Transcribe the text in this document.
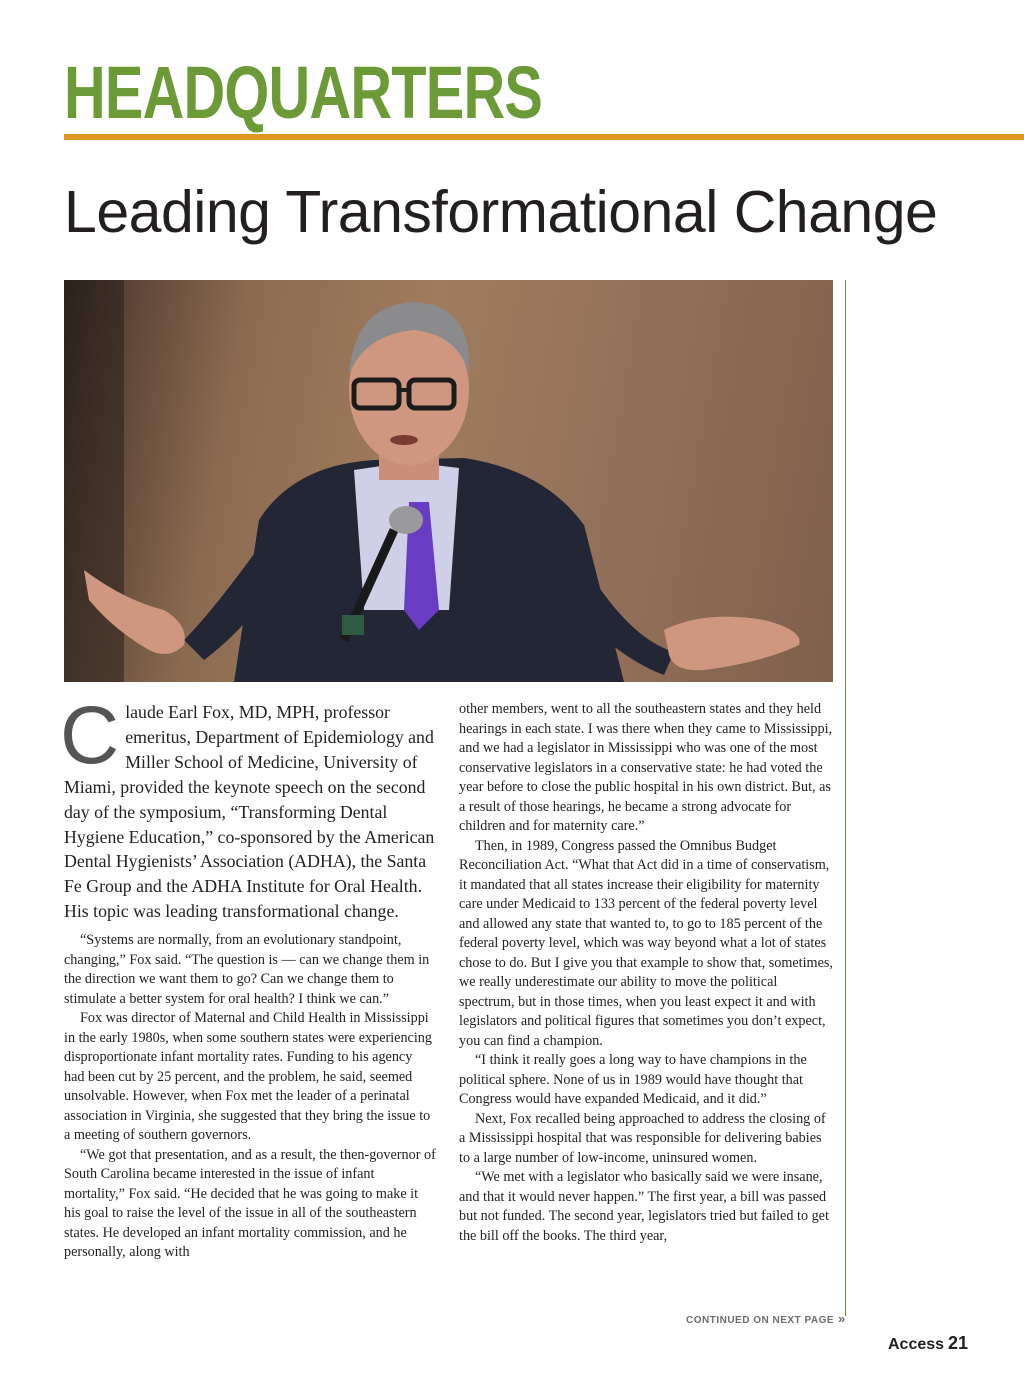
HEADQUARTERS
Leading Transformational Change

Claude Earl Fox, MD, MPH, professor emeritus, Department of Epidemiology and Miller School of Medicine, University of Miami, provided the keynote speech on the second day of the symposium, “Transforming Dental Hygiene Education,” co-sponsored by the American Dental Hygienists’ Association (ADHA), the Santa Fe Group and the ADHA Institute for Oral Health. His topic was leading transformational change.

“Systems are normally, from an evolutionary standpoint, changing,” Fox said. “The question is — can we change them in the direction we want them to go? Can we change them to stimulate a better system for oral health? I think we can.”

Fox was director of Maternal and Child Health in Mississippi in the early 1980s, when some southern states were experiencing disproportionate infant mortality rates. Funding to his agency had been cut by 25 percent, and the problem, he said, seemed unsolvable. However, when Fox met the leader of a perinatal association in Virginia, she suggested that they bring the issue to a meeting of southern governors.

“We got that presentation, and as a result, the then-governor of South Carolina became interested in the issue of infant mortality,” Fox said. “He decided that he was going to make it his goal to raise the level of the issue in all of the southeastern states. He developed an infant mortality commission, and he personally, along with

other members, went to all the southeastern states and they held hearings in each state. I was there when they came to Mississippi, and we had a legislator in Mississippi who was one of the most conservative legislators in a conservative state: he had voted the year before to close the public hospital in his own district. But, as a result of those hearings, he became a strong advocate for children and for maternity care.”

Then, in 1989, Congress passed the Omnibus Budget Reconciliation Act. “What that Act did in a time of conservatism, it mandated that all states increase their eligibility for maternity care under Medicaid to 133 percent of the federal poverty level and allowed any state that wanted to, to go to 185 percent of the federal poverty level, which was way beyond what a lot of states chose to do. But I give you that example to show that, sometimes, we really underestimate our ability to move the political spectrum, but in those times, when you least expect it and with legislators and political figures that sometimes you don’t expect, you can find a champion.

“I think it really goes a long way to have champions in the political sphere. None of us in 1989 would have thought that Congress would have expanded Medicaid, and it did.”

Next, Fox recalled being approached to address the closing of a Mississippi hospital that was responsible for delivering babies to a large number of low-income, uninsured women.

“We met with a legislator who basically said we were insane, and that it would never happen.” The first year, a bill was passed but not funded. The second year, legislators tried but failed to get the bill off the books. The third year,

CONTINUED ON NEXT PAGE »
Access 21
